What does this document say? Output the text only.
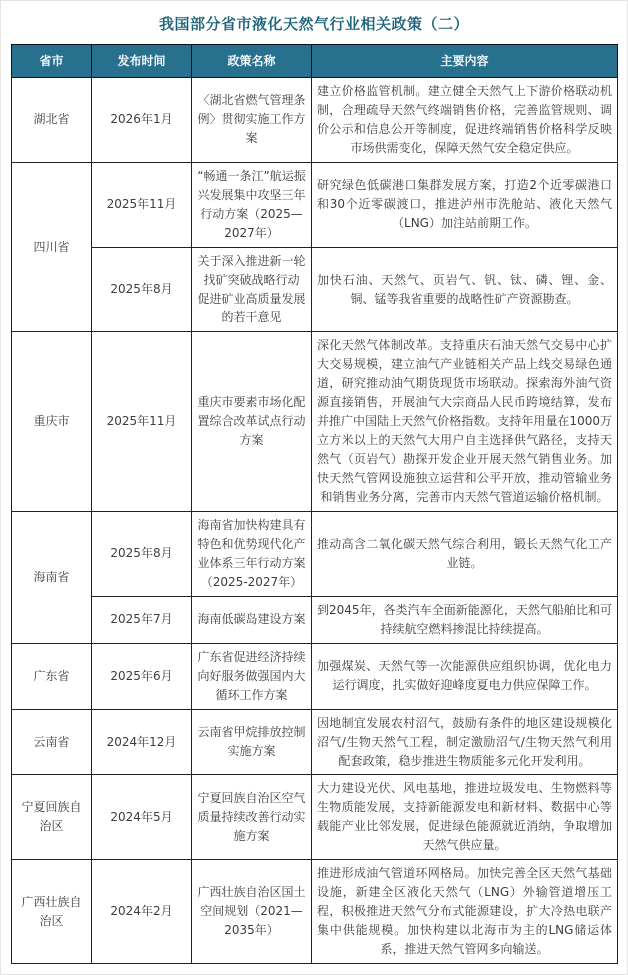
我国部分省市液化天然气行业相关政策（二）
省市	发布时间	政策名称	主要内容
湖北省	2026年1月	〈湖北省燃气管理条例〉贯彻实施工作方案	建立价格监管机制。建立健全天然气上下游价格联动机制，合理疏导天然气终端销售价格，完善监管规则、调价公示和信息公开等制度，促进终端销售价格科学反映市场供需变化，保障天然气安全稳定供应。
四川省	2025年11月	“畅通一条江”航运振兴发展集中攻坚三年行动方案（2025—2027年）	研究绿色低碳港口集群发展方案，打造2个近零碳港口和30个近零碳渡口，推进泸州市洗舱站、液化天然气（LNG）加注站前期工作。
	2025年8月	关于深入推进新一轮找矿突破战略行动 促进矿业高质量发展的若干意见	加快石油、天然气、页岩气、钒、钛、磷、锂、金、铜、锰等我省重要的战略性矿产资源勘查。
重庆市	2025年11月	重庆市要素市场化配置综合改革试点行动方案	深化天然气体制改革。支持重庆石油天然气交易中心扩大交易规模，建立油气产业链相关产品上线交易绿色通道，研究推动油气期货现货市场联动。探索海外油气资源直接销售，开展油气大宗商品人民币跨境结算，发布并推广中国陆上天然气价格指数。支持年用量在1000万立方米以上的天然气大用户自主选择供气路径，支持天然气（页岩气）勘探开发企业开展天然气销售业务。加快天然气管网设施独立运营和公平开放，推动管输业务和销售业务分离，完善市内天然气管道运输价格机制。
海南省	2025年8月	海南省加快构建具有特色和优势现代化产业体系三年行动方案（2025-2027年）	推动高含二氧化碳天然气综合利用，锻长天然气化工产业链。
	2025年7月	海南低碳岛建设方案	到2045年，各类汽车全面新能源化，天然气船舶比和可持续航空燃料掺混比持续提高。
广东省	2025年6月	广东省促进经济持续向好服务做强国内大循环工作方案	加强煤炭、天然气等一次能源供应组织协调，优化电力运行调度，扎实做好迎峰度夏电力供应保障工作。
云南省	2024年12月	云南省甲烷排放控制实施方案	因地制宜发展农村沼气，鼓励有条件的地区建设规模化沼气/生物天然气工程，制定激励沼气/生物天然气利用配套政策，稳步推进生物质能多元化开发利用。
宁夏回族自治区	2024年5月	宁夏回族自治区空气质量持续改善行动实施方案	大力建设光伏、风电基地，推进垃圾发电、生物燃料等生物质能发展，支持新能源发电和新材料、数据中心等载能产业比邻发展，促进绿色能源就近消纳，争取增加天然气供应量。
广西壮族自治区	2024年2月	广西壮族自治区国土空间规划（2021—2035年）	推进形成油气管道环网格局。加快完善全区天然气基础设施，新建全区液化天然气（LNG）外输管道增压工程，积极推进天然气分布式能源建设，扩大冷热电联产集中供能规模。加快构建以北海市为主的LNG储运体系，推进天然气管网多向输送。
